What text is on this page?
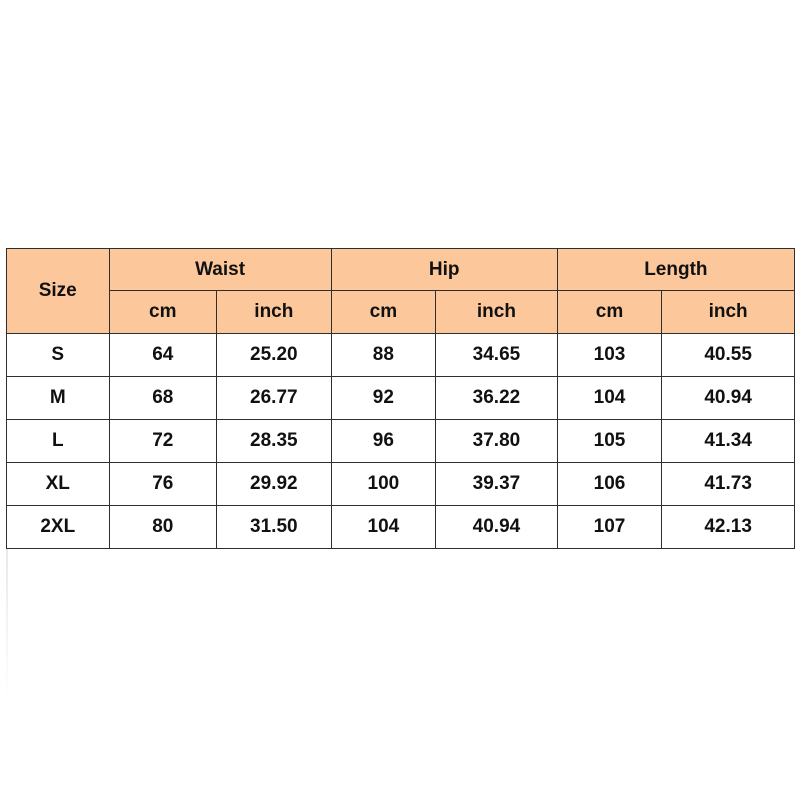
Size	Waist		Hip		Length	
	cm	inch	cm	inch	cm	inch
S	64	25.20	88	34.65	103	40.55
M	68	26.77	92	36.22	104	40.94
L	72	28.35	96	37.80	105	41.34
XL	76	29.92	100	39.37	106	41.73
2XL	80	31.50	104	40.94	107	42.13
